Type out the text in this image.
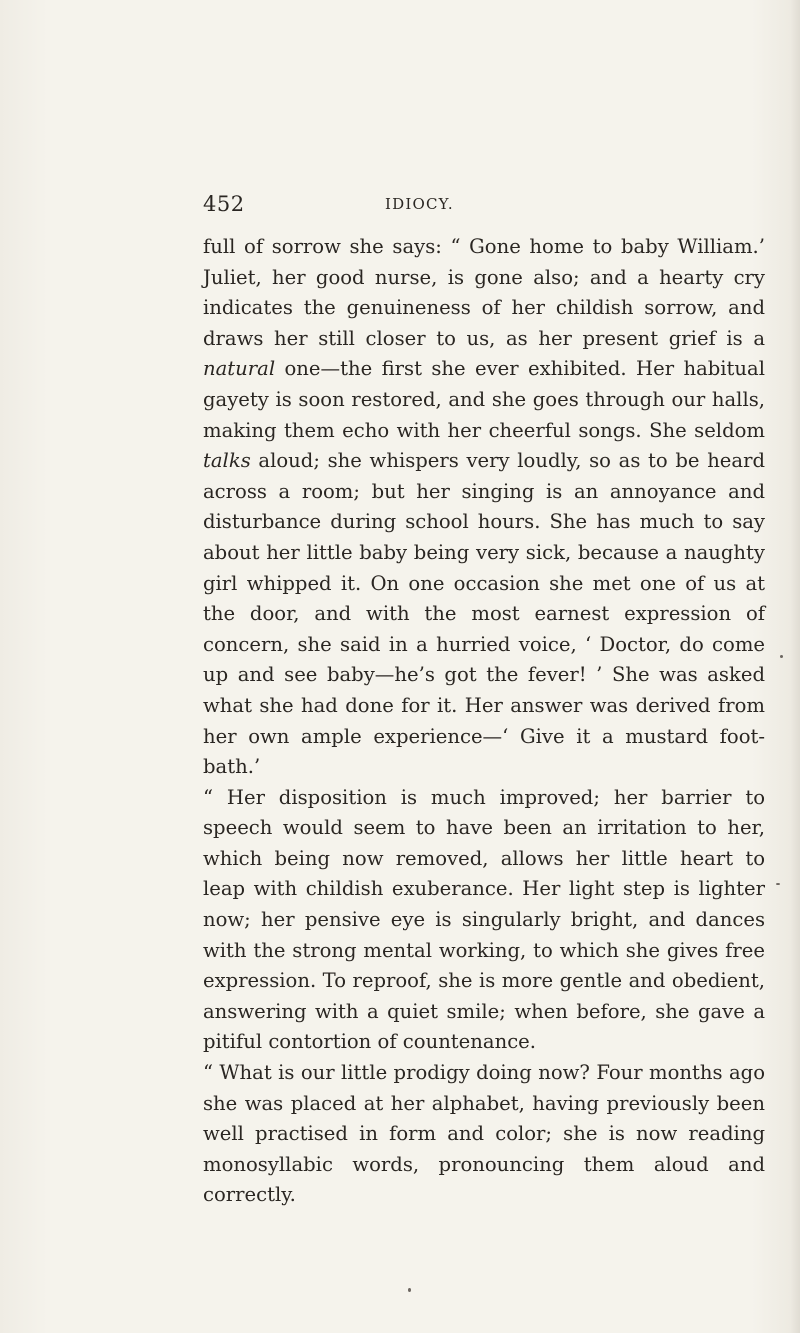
452	IDIOCY.

full of sorrow she says: “ Gone home to baby William.’ Juliet, her good nurse, is gone also; and a hearty cry indicates the genuineness of her childish sorrow, and draws her still closer to us, as her present grief is a natural one—the first she ever exhibited. Her habitual gayety is soon restored, and she goes through our halls, making them echo with her cheerful songs. She seldom talks aloud; she whispers very loudly, so as to be heard across a room; but her singing is an annoyance and disturbance during school hours. She has much to say about her little baby being very sick, because a naughty girl whipped it. On one occasion she met one of us at the door, and with the most earnest expression of concern, she said in a hurried voice, ‘ Doctor, do come up and see baby—he’s got the fever! ’ She was asked what she had done for it. Her answer was derived from her own ample experience—‘ Give it a mustard foot-bath.’

“ Her disposition is much improved; her barrier to speech would seem to have been an irritation to her, which being now removed, allows her little heart to leap with childish exuberance. Her light step is lighter now; her pensive eye is singularly bright, and dances with the strong mental working, to which she gives free expression. To reproof, she is more gentle and obedient, answering with a quiet smile; when before, she gave a pitiful contortion of countenance.

“ What is our little prodigy doing now? Four months ago she was placed at her alphabet, having previously been well practised in form and color; she is now reading monosyllabic words, pronouncing them aloud and correctly.
